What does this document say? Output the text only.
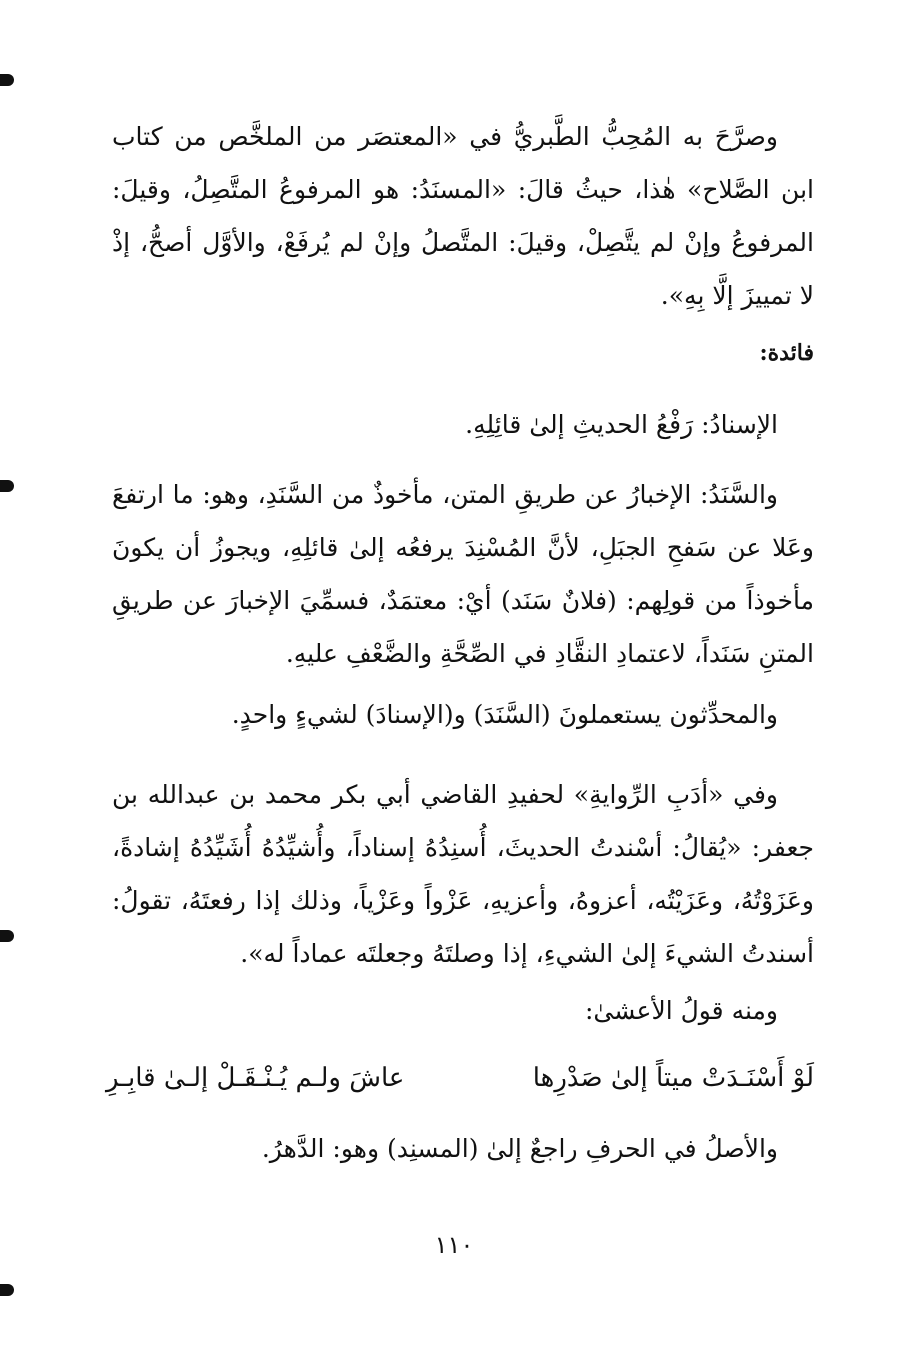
وصرَّحَ به المُحِبُّ الطَّبريُّ في «المعتصَر من الملخَّص من كتاب ابن الصَّلاح» هٰذا، حيثُ قالَ: «المسنَدُ: هو المرفوعُ المتَّصِلُ، وقيلَ: المرفوعُ وإنْ لم يتَّصِلْ، وقيلَ: المتَّصلُ وإنْ لم يُرفَعْ، والأوَّل أصحُّ، إذْ لا تمييزَ إلَّا بِهِ».

فائدة:

الإسنادُ: رَفْعُ الحديثِ إلىٰ قائِلِهِ.

والسَّنَدُ: الإخبارُ عن طريقِ المتن، مأخوذٌ من السَّنَدِ، وهو: ما ارتفعَ وعَلا عن سَفحِ الجبَلِ، لأنَّ المُسْنِدَ يرفعُه إلىٰ قائلِهِ، ويجوزُ أن يكونَ مأخوذاً من قولِهم: (فلانٌ سَنَد) أيْ: معتمَدٌ، فسمِّيَ الإخبارَ عن طريقِ المتنِ سَنَداً، لاعتمادِ النقَّادِ في الصِّحَّةِ والضَّعْفِ عليهِ.

والمحدِّثون يستعملونَ (السَّنَدَ) و(الإسنادَ) لشيءٍ واحدٍ.

وفي «أدَبِ الرِّوايةِ» لحفيدِ القاضي أبي بكر محمد بن عبدالله بن جعفر: «يُقالُ: أسْندتُ الحديثَ، أُسنِدُهُ إسناداً، وأُشيِّدُهُ أُشَيِّدُهُ إشادةً، وعَزَوْتُهُ، وعَزَيْتُه، أعزوهُ، وأعزيهِ، عَزْواً وعَزْياً، وذلك إذا رفعتَهُ، تقولُ: أسندتُ الشيءَ إلىٰ الشيءِ، إذا وصلتَهُ وجعلتَه عماداً له».

ومنه قولُ الأعشىٰ:

لَوْ أَسْنَـدَتْ ميتاً إلىٰ صَدْرِها
عاشَ ولـم يُـنْـقَـلْ إلـىٰ قابِـرِ

والأصلُ في الحرفِ راجعٌ إلىٰ (المسنِد) وهو: الدَّهرُ.

١١٠
